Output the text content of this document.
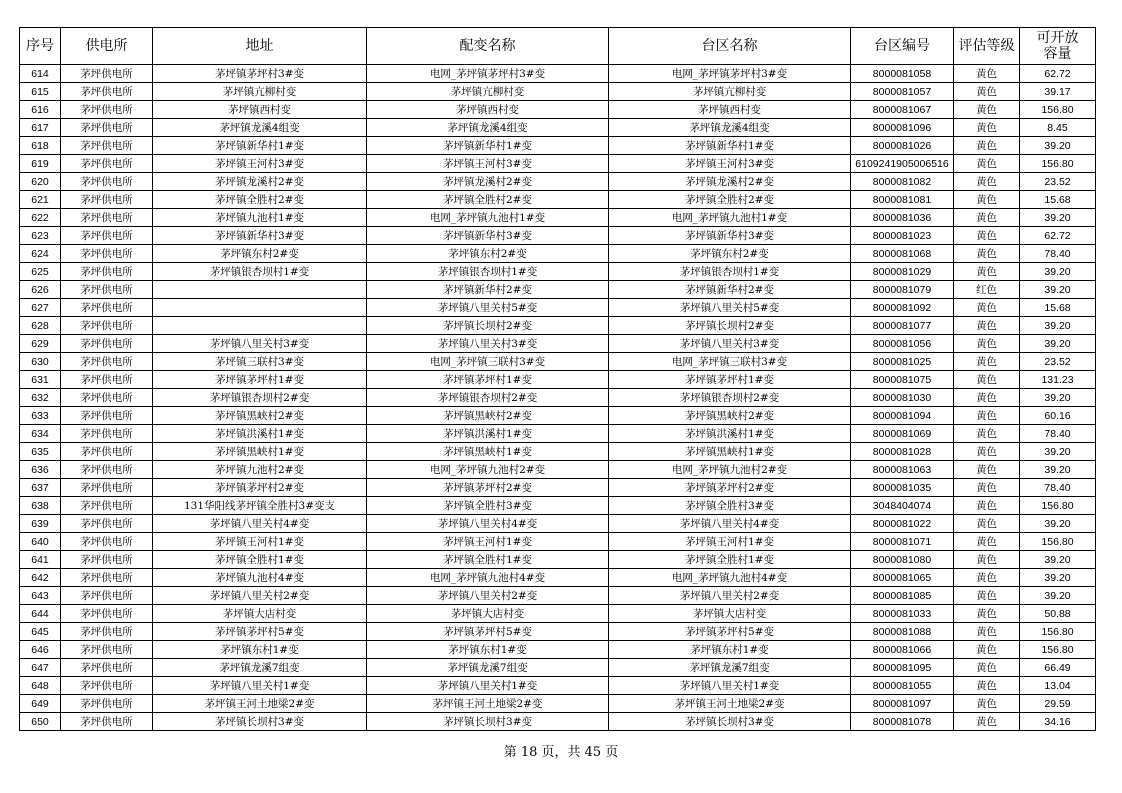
序号	供电所	地址	配变名称	台区名称	台区编号	评估等级	可开放
容量
614	茅坪供电所	茅坪镇茅坪村3#变	电网_茅坪镇茅坪村3#变	电网_茅坪镇茅坪村3#变	8000081058	黄色	62.72
615	茅坪供电所	茅坪镇亢柳村变	茅坪镇亢柳村变	茅坪镇亢柳村变	8000081057	黄色	39.17
616	茅坪供电所	茅坪镇西村变	茅坪镇西村变	茅坪镇西村变	8000081067	黄色	156.80
617	茅坪供电所	茅坪镇龙溪4组变	茅坪镇龙溪4组变	茅坪镇龙溪4组变	8000081096	黄色	8.45
618	茅坪供电所	茅坪镇新华村1#变	茅坪镇新华村1#变	茅坪镇新华村1#变	8000081026	黄色	39.20
619	茅坪供电所	茅坪镇王河村3#变	茅坪镇王河村3#变	茅坪镇王河村3#变	6109241905006516	黄色	156.80
620	茅坪供电所	茅坪镇龙溪村2#变	茅坪镇龙溪村2#变	茅坪镇龙溪村2#变	8000081082	黄色	23.52
621	茅坪供电所	茅坪镇全胜村2#变	茅坪镇全胜村2#变	茅坪镇全胜村2#变	8000081081	黄色	15.68
622	茅坪供电所	茅坪镇九池村1#变	电网_茅坪镇九池村1#变	电网_茅坪镇九池村1#变	8000081036	黄色	39.20
623	茅坪供电所	茅坪镇新华村3#变	茅坪镇新华村3#变	茅坪镇新华村3#变	8000081023	黄色	62.72
624	茅坪供电所	茅坪镇东村2#变	茅坪镇东村2#变	茅坪镇东村2#变	8000081068	黄色	78.40
625	茅坪供电所	茅坪镇银杏坝村1#变	茅坪镇银杏坝村1#变	茅坪镇银杏坝村1#变	8000081029	黄色	39.20
626	茅坪供电所		茅坪镇新华村2#变	茅坪镇新华村2#变	8000081079	红色	39.20
627	茅坪供电所		茅坪镇八里关村5#变	茅坪镇八里关村5#变	8000081092	黄色	15.68
628	茅坪供电所		茅坪镇长坝村2#变	茅坪镇长坝村2#变	8000081077	黄色	39.20
629	茅坪供电所	茅坪镇八里关村3#变	茅坪镇八里关村3#变	茅坪镇八里关村3#变	8000081056	黄色	39.20
630	茅坪供电所	茅坪镇三联村3#变	电网_茅坪镇三联村3#变	电网_茅坪镇三联村3#变	8000081025	黄色	23.52
631	茅坪供电所	茅坪镇茅坪村1#变	茅坪镇茅坪村1#变	茅坪镇茅坪村1#变	8000081075	黄色	131.23
632	茅坪供电所	茅坪镇银杏坝村2#变	茅坪镇银杏坝村2#变	茅坪镇银杏坝村2#变	8000081030	黄色	39.20
633	茅坪供电所	茅坪镇黑峡村2#变	茅坪镇黑峡村2#变	茅坪镇黑峡村2#变	8000081094	黄色	60.16
634	茅坪供电所	茅坪镇洪溪村1#变	茅坪镇洪溪村1#变	茅坪镇洪溪村1#变	8000081069	黄色	78.40
635	茅坪供电所	茅坪镇黑峡村1#变	茅坪镇黑峡村1#变	茅坪镇黑峡村1#变	8000081028	黄色	39.20
636	茅坪供电所	茅坪镇九池村2#变	电网_茅坪镇九池村2#变	电网_茅坪镇九池村2#变	8000081063	黄色	39.20
637	茅坪供电所	茅坪镇茅坪村2#变	茅坪镇茅坪村2#变	茅坪镇茅坪村2#变	8000081035	黄色	78.40
638	茅坪供电所	131华阳线茅坪镇全胜村3#变支	茅坪镇全胜村3#变	茅坪镇全胜村3#变	3048404074	黄色	156.80
639	茅坪供电所	茅坪镇八里关村4#变	茅坪镇八里关村4#变	茅坪镇八里关村4#变	8000081022	黄色	39.20
640	茅坪供电所	茅坪镇王河村1#变	茅坪镇王河村1#变	茅坪镇王河村1#变	8000081071	黄色	156.80
641	茅坪供电所	茅坪镇全胜村1#变	茅坪镇全胜村1#变	茅坪镇全胜村1#变	8000081080	黄色	39.20
642	茅坪供电所	茅坪镇九池村4#变	电网_茅坪镇九池村4#变	电网_茅坪镇九池村4#变	8000081065	黄色	39.20
643	茅坪供电所	茅坪镇八里关村2#变	茅坪镇八里关村2#变	茅坪镇八里关村2#变	8000081085	黄色	39.20
644	茅坪供电所	茅坪镇大店村变	茅坪镇大店村变	茅坪镇大店村变	8000081033	黄色	50.88
645	茅坪供电所	茅坪镇茅坪村5#变	茅坪镇茅坪村5#变	茅坪镇茅坪村5#变	8000081088	黄色	156.80
646	茅坪供电所	茅坪镇东村1#变	茅坪镇东村1#变	茅坪镇东村1#变	8000081066	黄色	156.80
647	茅坪供电所	茅坪镇龙溪7组变	茅坪镇龙溪7组变	茅坪镇龙溪7组变	8000081095	黄色	66.49
648	茅坪供电所	茅坪镇八里关村1#变	茅坪镇八里关村1#变	茅坪镇八里关村1#变	8000081055	黄色	13.04
649	茅坪供电所	茅坪镇王河土地梁2#变	茅坪镇王河土地梁2#变	茅坪镇王河土地梁2#变	8000081097	黄色	29.59
650	茅坪供电所	茅坪镇长坝村3#变	茅坪镇长坝村3#变	茅坪镇长坝村3#变	8000081078	黄色	34.16
第 18 页，共 45 页
